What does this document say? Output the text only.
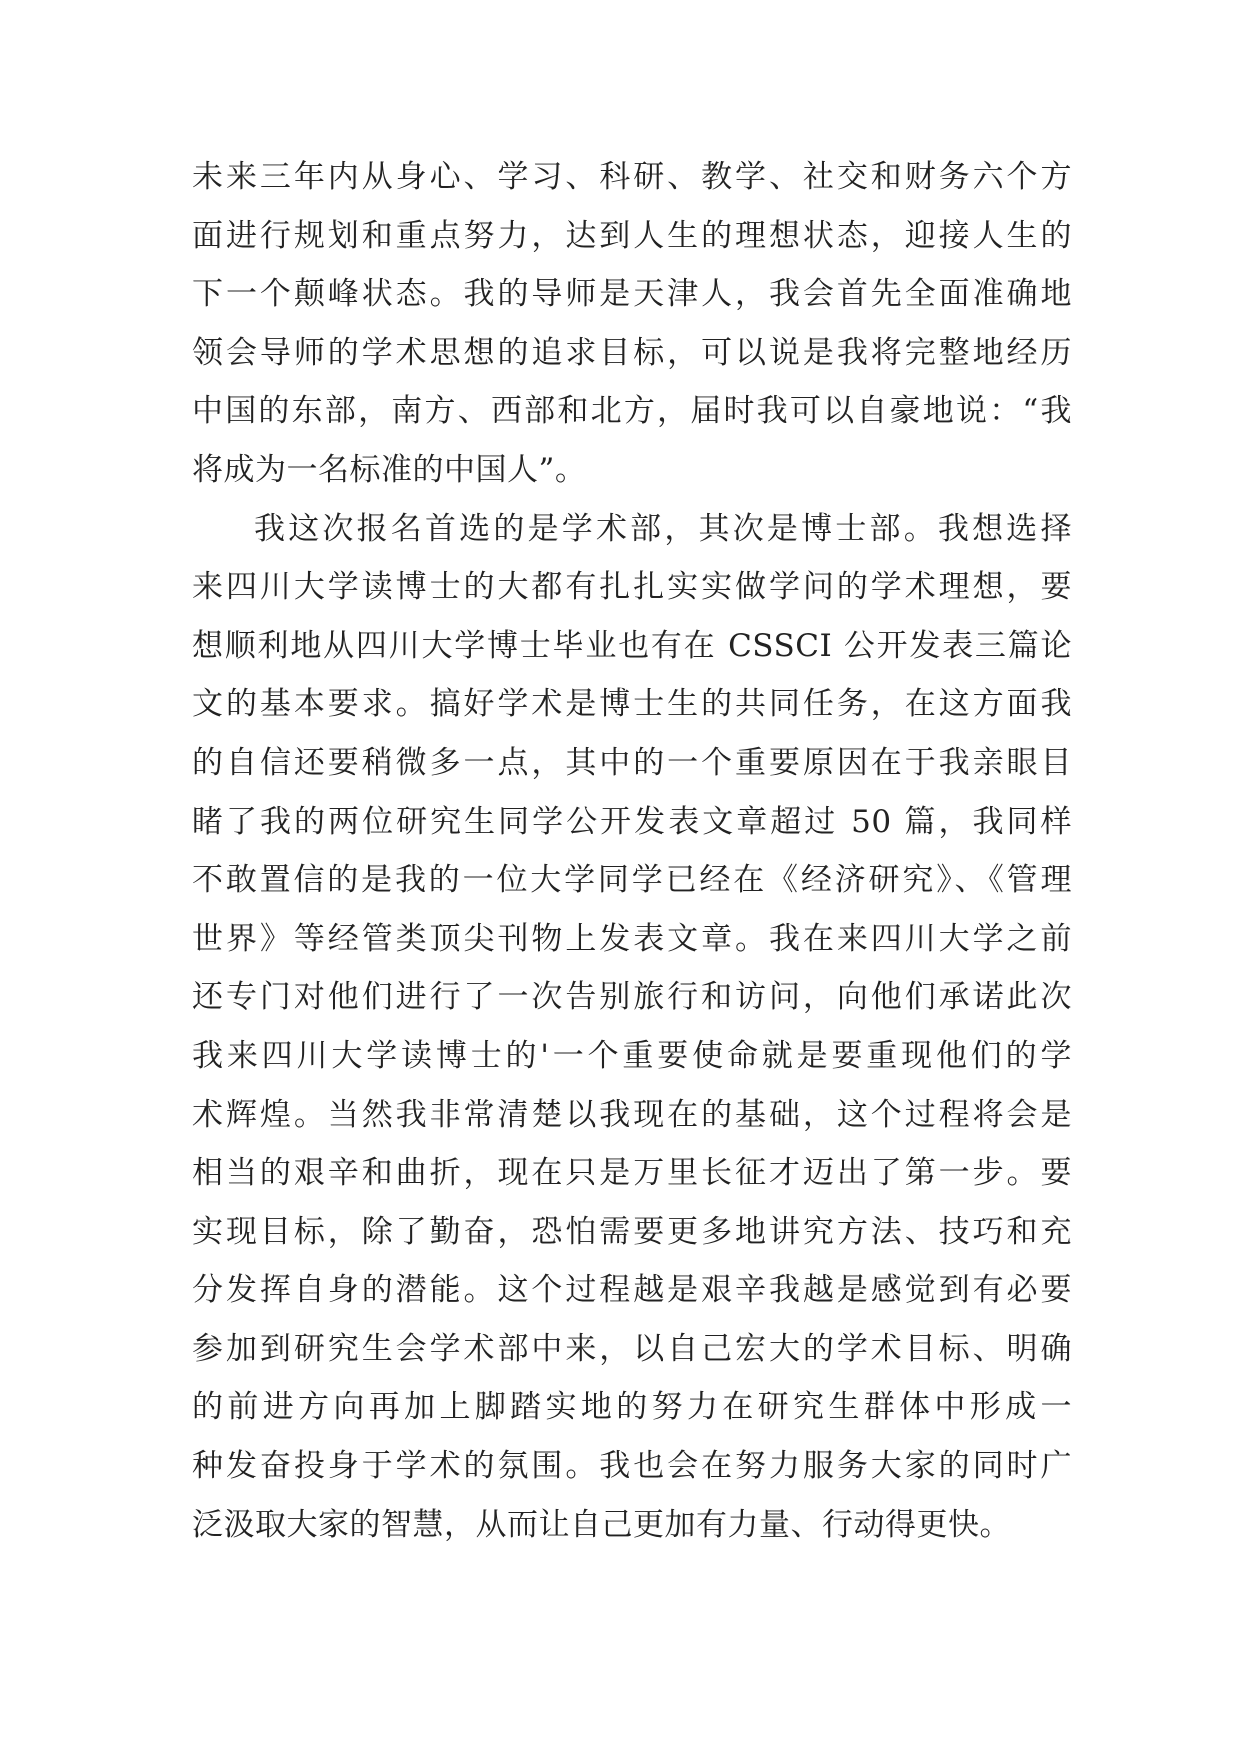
未来三年内从身心、学习、科研、教学、社交和财务六个方
面进行规划和重点努力，达到人生的理想状态，迎接人生的
下一个颠峰状态。我的导师是天津人，我会首先全面准确地
领会导师的学术思想的追求目标，可以说是我将完整地经历
中国的东部，南方、西部和北方，届时我可以自豪地说：“我
将成为一名标准的中国人”。
我这次报名首选的是学术部，其次是博士部。我想选择
来四川大学读博士的大都有扎扎实实做学问的学术理想，要
想顺利地从四川大学博士毕业也有在 CSSCI 公开发表三篇论
文的基本要求。搞好学术是博士生的共同任务，在这方面我
的自信还要稍微多一点，其中的一个重要原因在于我亲眼目
睹了我的两位研究生同学公开发表文章超过 50 篇，我同样
不敢置信的是我的一位大学同学已经在《经济研究》、《管理
世界》等经管类顶尖刊物上发表文章。我在来四川大学之前
还专门对他们进行了一次告别旅行和访问，向他们承诺此次
我来四川大学读博士的'一个重要使命就是要重现他们的学
术辉煌。当然我非常清楚以我现在的基础，这个过程将会是
相当的艰辛和曲折，现在只是万里长征才迈出了第一步。要
实现目标，除了勤奋，恐怕需要更多地讲究方法、技巧和充
分发挥自身的潜能。这个过程越是艰辛我越是感觉到有必要
参加到研究生会学术部中来，以自己宏大的学术目标、明确
的前进方向再加上脚踏实地的努力在研究生群体中形成一
种发奋投身于学术的氛围。我也会在努力服务大家的同时广
泛汲取大家的智慧，从而让自己更加有力量、行动得更快。
